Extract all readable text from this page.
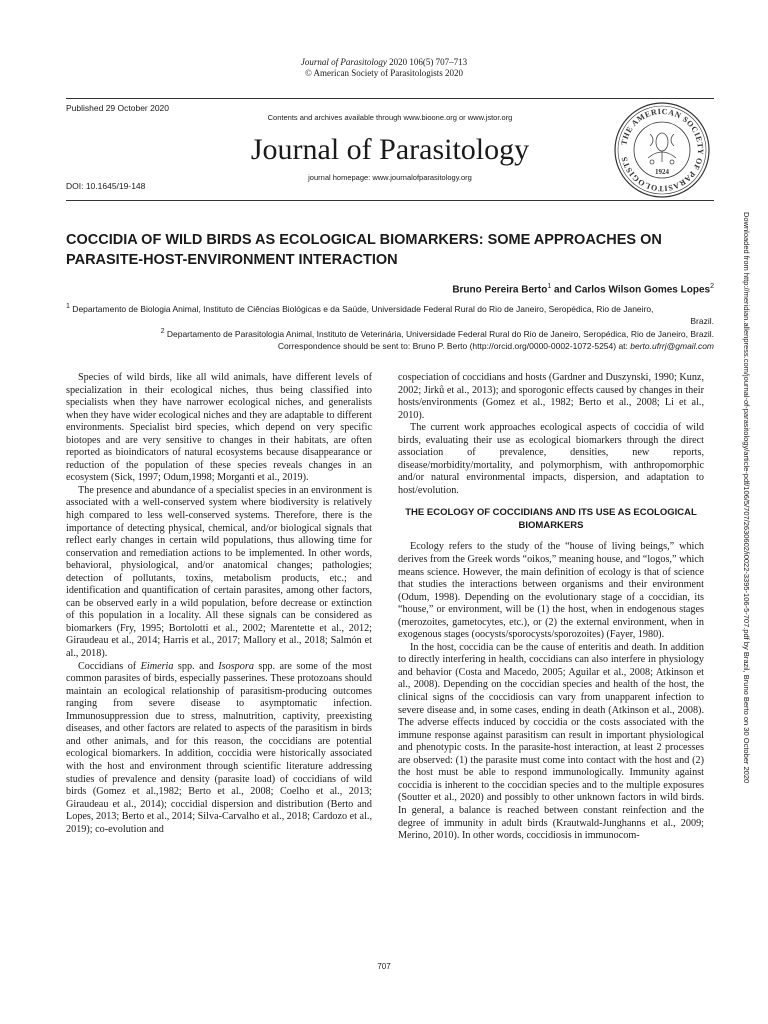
Journal of Parasitology 2020 106(5) 707–713
© American Society of Parasitologists 2020
Published 29 October 2020
Contents and archives available through www.bioone.org or www.jstor.org
Journal of Parasitology
journal homepage: www.journalofparasitology.org
DOI: 10.1645/19-148
THE AMERICAN SOCIETY OF PARASITOLOGISTS
1924
Downloaded from http://meridian.allenpress.com/journal-of-parasitology/article-pdf/106/5/707/2630602/i0022-3395-106-5-707.pdf by Brazil, Bruno Berto on 30 October 2020
COCCIDIA OF WILD BIRDS AS ECOLOGICAL BIOMARKERS: SOME APPROACHES ON PARASITE-HOST-ENVIRONMENT INTERACTION
Bruno Pereira Berto$^1$ and Carlos Wilson Gomes Lopes$^2$
$^1$ Departamento de Biologia Animal, Instituto de Ciências Biológicas e da Saúde, Universidade Federal Rural do Rio de Janeiro, Seropédica, Rio de Janeiro,
Brazil.
$^2$ Departamento de Parasitologia Animal, Instituto de Veterinária, Universidade Federal Rural do Rio de Janeiro, Seropédica, Rio de Janeiro, Brazil.
Correspondence should be sent to: Bruno P. Berto (http://orcid.org/0000-0002-1072-5254) at: berto.ufrrj@gmail.com

Species of wild birds, like all wild animals, have different levels of specialization in their ecological niches, thus being classified into specialists when they have narrower ecological niches, and generalists when they have wider ecological niches and they are adaptable to different environments. Specialist bird species, which depend on very specific biotopes and are very sensitive to changes in their habitats, are often reported as bioindicators of natural ecosystems because disappearance or reduction of the population of these species reveals changes in an ecosystem (Sick, 1997; Odum,1998; Morganti et al., 2019).

The presence and abundance of a specialist species in an environment is associated with a well-conserved system where biodiversity is relatively high compared to less well-conserved systems. Therefore, there is the importance of detecting physical, chemical, and/or biological signals that reflect early changes in certain wild populations, thus allowing time for conservation and remediation actions to be implemented. In other words, behavioral, physiological, and/or anatomical changes; pathologies; detection of pollutants, toxins, metabolism products, etc.; and identification and quantification of certain parasites, among other factors, can be observed early in a wild population, before decrease or extinction of this population in a locality. All these signals can be considered as biomarkers (Fry, 1995; Bortolotti et al., 2002; Marentette et al., 2012; Giraudeau et al., 2014; Harris et al., 2017; Mallory et al., 2018; Salmón et al., 2018).

Coccidians of Eimeria spp. and Isospora spp. are some of the most common parasites of birds, especially passerines. These protozoans should maintain an ecological relationship of parasitism-producing outcomes ranging from severe disease to asymptomatic infection. Immunosuppression due to stress, malnutrition, captivity, preexisting diseases, and other factors are related to aspects of the parasitism in birds and other animals, and for this reason, the coccidians are potential ecological biomarkers. In addition, coccidia were historically associated with the host and environment through scientific literature addressing studies of prevalence and density (parasite load) of coccidians of wild birds (Gomez et al.,1982; Berto et al., 2008; Coelho et al., 2013; Giraudeau et al., 2014); coccidial dispersion and distribution (Berto and Lopes, 2013; Berto et al., 2014; Silva-Carvalho et al., 2018; Cardozo et al., 2019); co-evolution and

cospeciation of coccidians and hosts (Gardner and Duszynski, 1990; Kunz, 2002; Jirků et al., 2013); and sporogonic effects caused by changes in their hosts/environments (Gomez et al., 1982; Berto et al., 2008; Li et al., 2010).

The current work approaches ecological aspects of coccidia of wild birds, evaluating their use as ecological biomarkers through the direct association of prevalence, densities, new reports, disease/morbidity/mortality, and polymorphism, with anthropomorphic and/or natural environmental impacts, dispersion, and adaptation to host/evolution.

THE ECOLOGY OF COCCIDIANS AND ITS USE AS ECOLOGICAL BIOMARKERS

Ecology refers to the study of the “house of living beings,” which derives from the Greek words “oikos,” meaning house, and “logos,” which means science. However, the main definition of ecology is that of science that studies the interactions between organisms and their environment (Odum, 1998). Depending on the evolutionary stage of a coccidian, its “house,” or environment, will be (1) the host, when in endogenous stages (merozoites, gametocytes, etc.), or (2) the external environment, when in exogenous stages (oocysts/sporocysts/sporozoites) (Fayer, 1980).

In the host, coccidia can be the cause of enteritis and death. In addition to directly interfering in health, coccidians can also interfere in physiology and behavior (Costa and Macedo, 2005; Aguilar et al., 2008; Atkinson et al., 2008). Depending on the coccidian species and health of the host, the clinical signs of the coccidiosis can vary from unapparent infection to severe disease and, in some cases, ending in death (Atkinson et al., 2008). The adverse effects induced by coccidia or the costs associated with the immune response against parasitism can result in important physiological and phenotypic costs. In the parasite-host interaction, at least 2 processes are observed: (1) the parasite must come into contact with the host and (2) the host must be able to respond immunologically. Immunity against coccidia is inherent to the coccidian species and to the multiple exposures (Soutter et al., 2020) and possibly to other unknown factors in wild birds. In general, a balance is reached between constant reinfection and the degree of immunity in adult birds (Krautwald-Junghanns et al., 2009; Merino, 2010). In other words, coccidiosis in immunocom-

707
